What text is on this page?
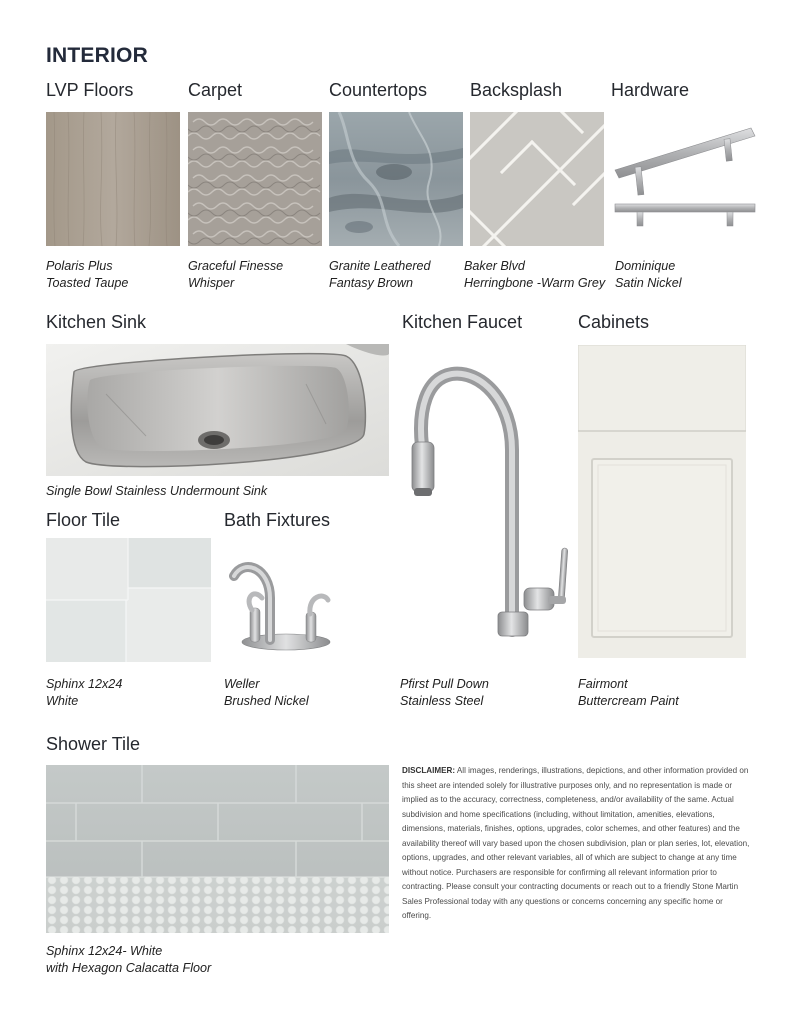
INTERIOR
LVP Floors	Carpet	Countertops Backsplash	Hardware
Polaris Plus
Toasted Taupe
Graceful Finesse
Whisper
Granite Leathered
Fantasy Brown
Baker Blvd
Herringbone -Warm Grey
Dominique
Satin Nickel
Kitchen Sink	Kitchen Faucet	Cabinets
Single Bowl Stainless Undermount Sink
Pfirst Pull Down
Stainless Steel
Fairmont
Buttercream Paint
Floor Tile	Bath Fixtures
Sphinx 12x24
White
Weller
Brushed Nickel
Shower Tile
Sphinx 12x24- White
with Hexagon Calacatta Floor
DISCLAIMER: All images, renderings, illustrations, depictions, and other information provided on this sheet are intended solely for illustrative purposes only, and no representation is made or implied as to the accuracy, correctness, completeness, and/or availability of the same. Actual subdivision and home specifications (including, without limitation, amenities, elevations, dimensions, materials, finishes, options, upgrades, color schemes, and other features) and the availability thereof will vary based upon the chosen subdivision, plan or plan series, lot, elevation, options, upgrades, and other relevant variables, all of which are subject to change at any time without notice. Purchasers are responsible for confirming all relevant information prior to contracting. Please consult your contracting documents or reach out to a friendly Stone Martin Sales Professional today with any questions or concerns concerning any specific home or offering.
